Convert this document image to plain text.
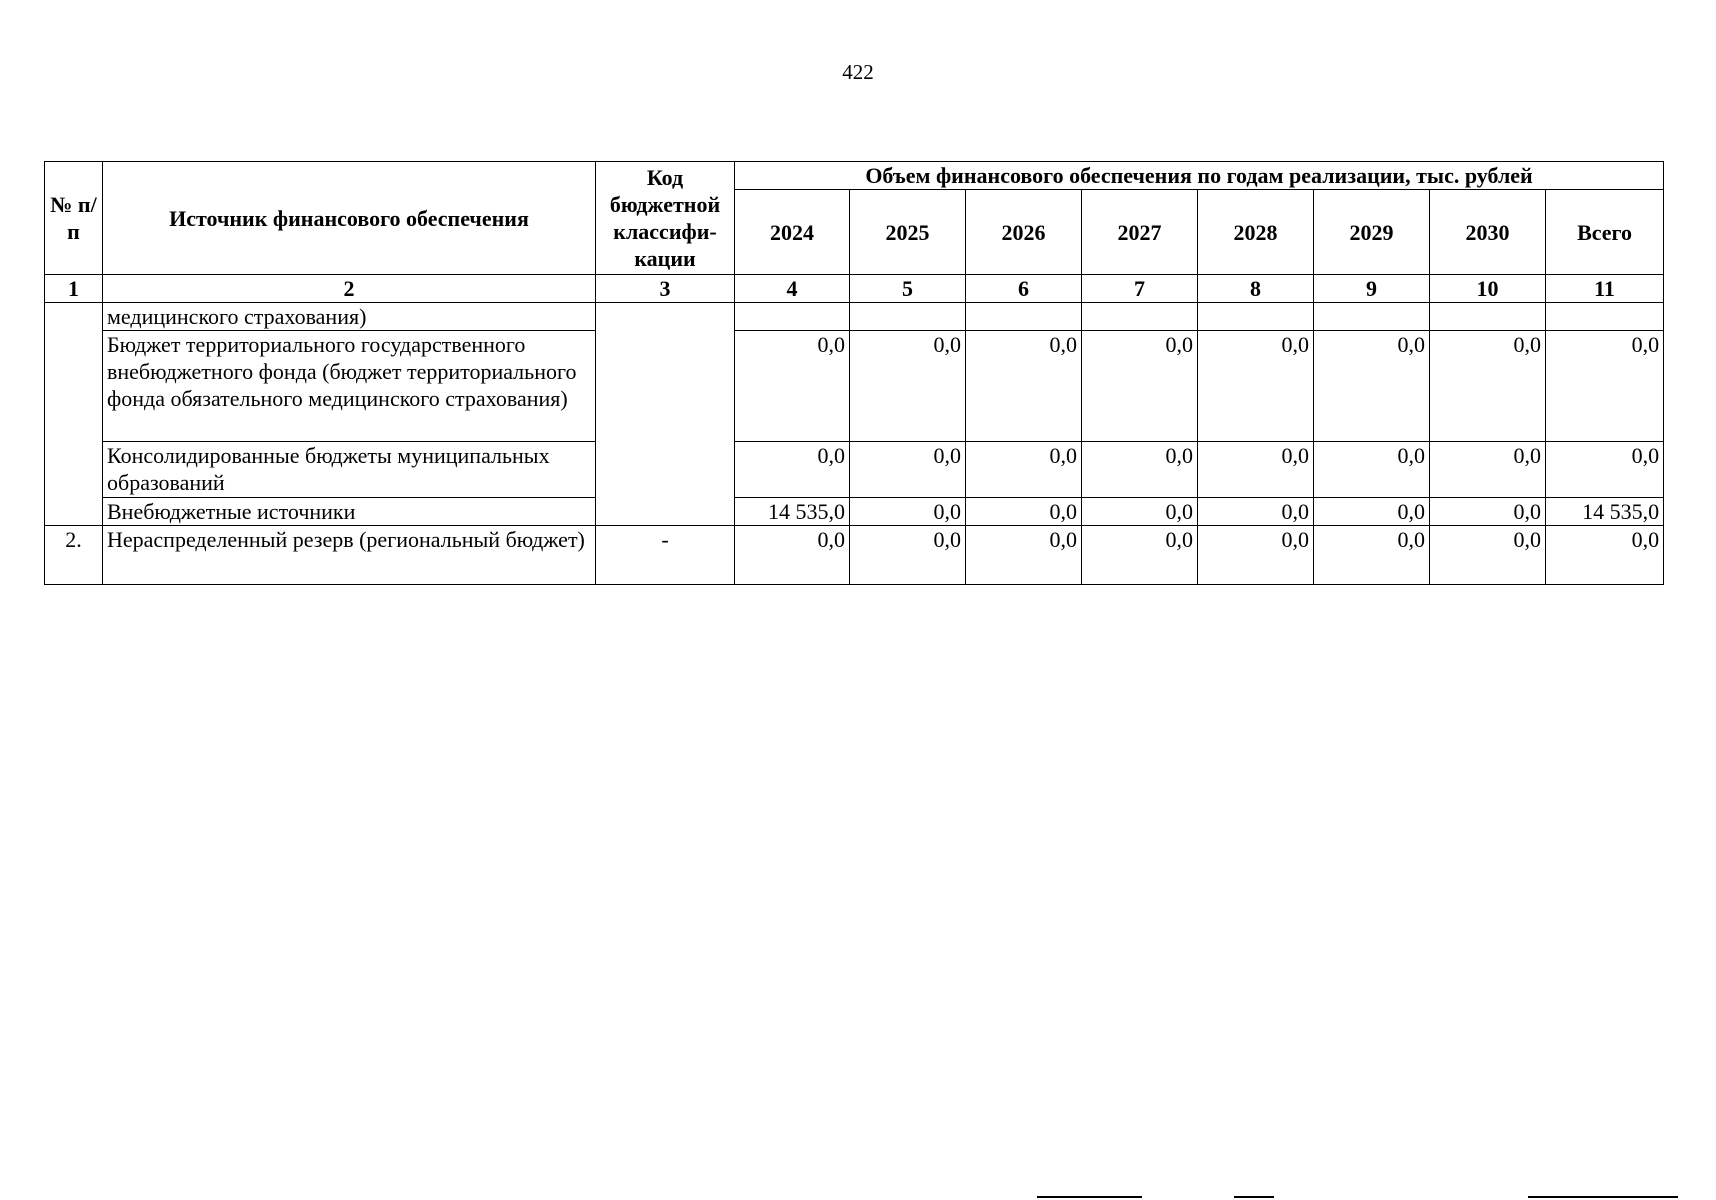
422
№ п/п	Источник финансового обеспечения	Код бюджетной классифи-кации	Объем финансового обеспечения по годам реализации, тыс. рублей							
			2024	2025	2026	2027	2028	2029	2030	Всего
1	2	3	4	5	6	7	8	9	10	11
	медицинского страхования)									
	Бюджет территориального государственного внебюджетного фонда (бюджет территориального фонда обязательного медицинского страхования)		0,0	0,0	0,0	0,0	0,0	0,0	0,0	0,0
	Консолидированные бюджеты муниципальных образований		0,0	0,0	0,0	0,0	0,0	0,0	0,0	0,0
	Внебюджетные источники		14 535,0	0,0	0,0	0,0	0,0	0,0	0,0	14 535,0
2.	Нераспределенный резерв (региональный бюджет)	-	0,0	0,0	0,0	0,0	0,0	0,0	0,0	0,0
